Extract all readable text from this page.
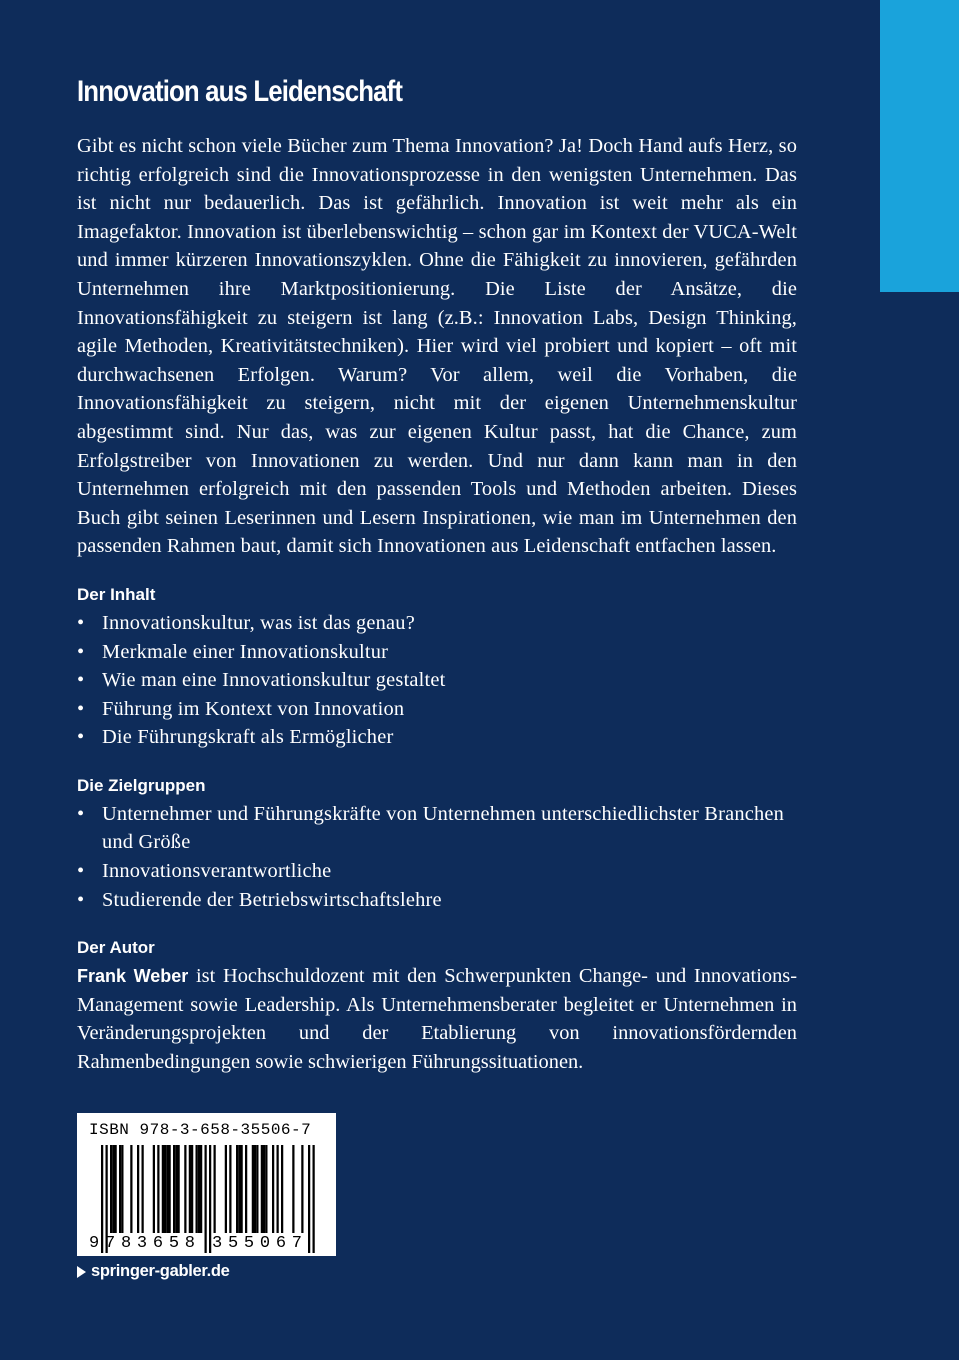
Innovation aus Leidenschaft

Gibt es nicht schon viele Bücher zum Thema Innovation? Ja! Doch Hand aufs Herz, so richtig erfolgreich sind die Innovationsprozesse in den wenigsten Unternehmen. Das ist nicht nur bedauerlich. Das ist gefährlich. Innovation ist weit mehr als ein Imagefaktor. Innovation ist überlebenswichtig – schon gar im Kontext der VUCA-Welt und immer kürzeren Innovationszyklen. Ohne die Fähigkeit zu innovieren, gefährden Unternehmen ihre Marktpositionierung. Die Liste der Ansätze, die Innovationsfähigkeit zu steigern ist lang (z.B.: Innovation Labs, Design Thinking, agile Methoden, Kreativitätstechniken). Hier wird viel probiert und kopiert – oft mit durchwachsenen Erfolgen. Warum? Vor allem, weil die Vorhaben, die Innovationsfähigkeit zu steigern, nicht mit der eigenen Unternehmenskultur abgestimmt sind. Nur das, was zur eigenen Kultur passt, hat die Chance, zum Erfolgstreiber von Innovationen zu werden. Und nur dann kann man in den Unternehmen erfolgreich mit den passenden Tools und Methoden arbeiten. Dieses Buch gibt seinen Leserinnen und Lesern Inspirationen, wie man im Unternehmen den passenden Rahmen baut, damit sich Innovationen aus Leidenschaft entfachen lassen.

Der Inhalt
• Innovationskultur, was ist das genau?
• Merkmale einer Innovationskultur
• Wie man eine Innovationskultur gestaltet
• Führung im Kontext von Innovation
• Die Führungskraft als Ermöglicher
Die Zielgruppen
• Unternehmer und Führungskräfte von Unternehmen unterschiedlichster Branchen und Größe
• Innovationsverantwortliche
• Studierende der Betriebswirtschaftslehre
Der Autor

Frank Weber ist Hochschuldozent mit den Schwerpunkten Change- und Innovations-Management sowie Leadership. Als Unternehmensberater begleitet er Unternehmen in Veränderungsprojekten und der Etablierung von innovationsfördernden Rahmenbedingungen sowie schwierigen Führungssituationen.

ISBN 978-3-658-35506-7
9 783658 355067
springer-gabler.de
